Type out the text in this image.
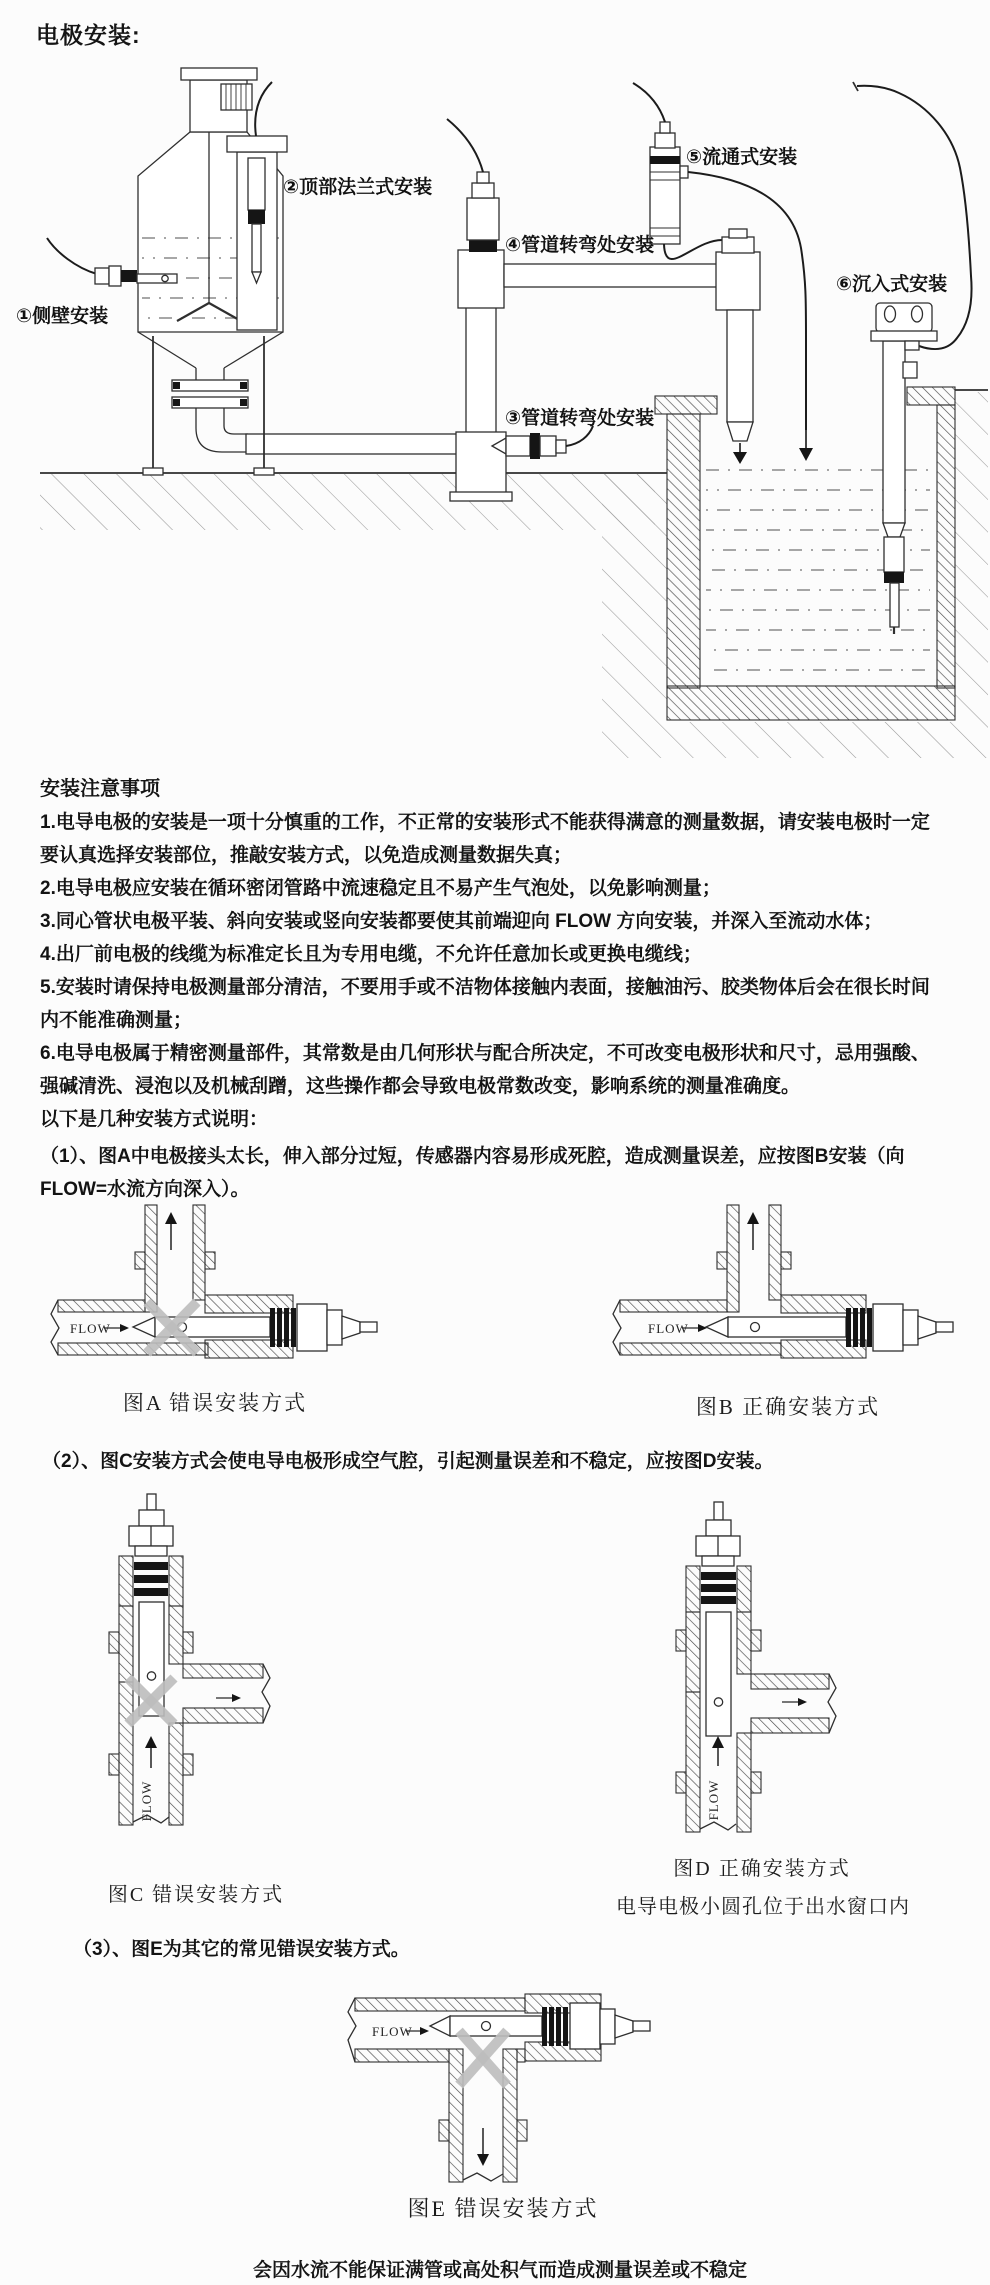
电极安装:
①侧壁安装
②顶部法兰式安装
③管道转弯处安装
④管道转弯处安装
⑤流通式安装
⑥沉入式安装
安装注意事项
1.电导电极的安装是一项十分慎重的工作，不正常的安装形式不能获得满意的测量数据，请安装电极时一定
要认真选择安装部位，推敲安装方式，以免造成测量数据失真；
2.电导电极应安装在循环密闭管路中流速稳定且不易产生气泡处，以免影响测量；
3.同心管状电极平装、斜向安装或竖向安装都要使其前端迎向 FLOW 方向安装，并深入至流动水体；
4.出厂前电极的线缆为标准定长且为专用电缆，不允许任意加长或更换电缆线；
5.安装时请保持电极测量部分清洁，不要用手或不洁物体接触内表面，接触油污、胶类物体后会在很长时间
内不能准确测量；
6.电导电极属于精密测量部件，其常数是由几何形状与配合所决定，不可改变电极形状和尺寸，忌用强酸、
强碱清洗、浸泡以及机械刮蹭，这些操作都会导致电极常数改变，影响系统的测量准确度。
以下是几种安装方式说明：
（1）、图A中电极接头太长，伸入部分过短，传感器内容易形成死腔，造成测量误差，应按图B安装（向
FLOW=水流方向深入）。
FLOW	FLOW
FLOW	FLOW
FLOW
图A 错误安装方式	图B 正确安装方式
（2）、图C安装方式会使电导电极形成空气腔，引起测量误差和不稳定，应按图D安装。
图C 错误安装方式
图D 正确安装方式
电导电极小圆孔位于出水窗口内
（3）、图E为其它的常见错误安装方式。
图E 错误安装方式
会因水流不能保证满管或高处积气而造成测量误差或不稳定
